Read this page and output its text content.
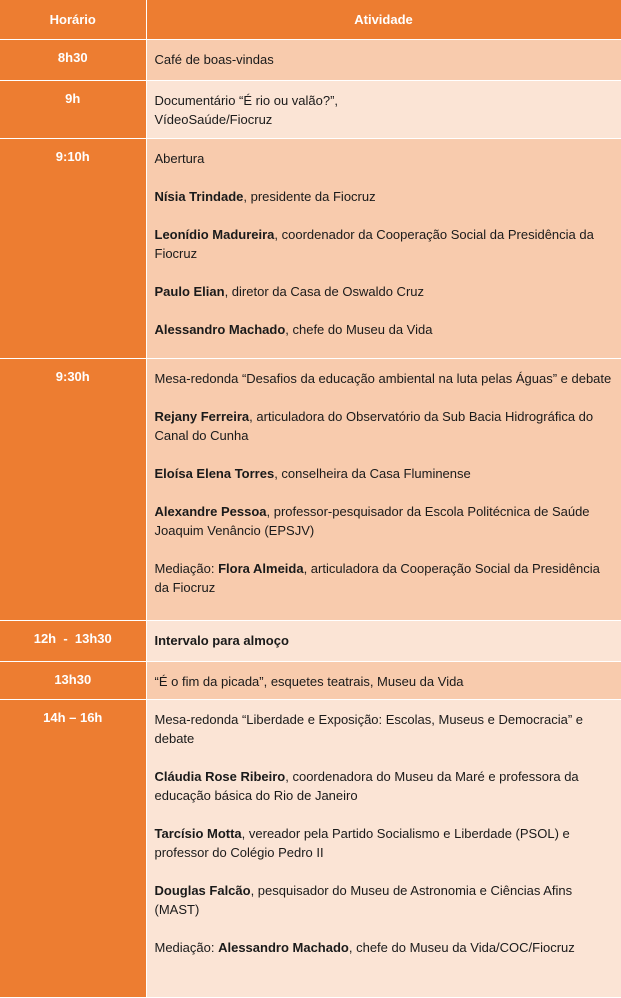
Horário	Atividade
8h30	Café de boas-vindas

9h	Documentário “É rio ou valão?”,
VídeoSaúde/Fiocruz

9:10h	Abertura

Nísia Trindade, presidente da Fiocruz

Leonídio Madureira, coordenador da Cooperação Social da Presidência da Fiocruz

Paulo Elian, diretor da Casa de Oswaldo Cruz

Alessandro Machado, chefe do Museu da Vida

9:30h	Mesa-redonda “Desafios da educação ambiental na luta pelas Águas” e debate

Rejany Ferreira, articuladora do Observatório da Sub Bacia Hidrográfica do Canal do Cunha

Eloísa Elena Torres, conselheira da Casa Fluminense

Alexandre Pessoa, professor-pesquisador da Escola Politécnica de Saúde Joaquim Venâncio (EPSJV)

Mediação: Flora Almeida, articuladora da Cooperação Social da Presidência da Fiocruz

12h  -  13h30	Intervalo para almoço

13h30	“É o fim da picada”, esquetes teatrais, Museu da Vida

14h – 16h	Mesa-redonda “Liberdade e Exposição: Escolas, Museus e Democracia” e debate

Cláudia Rose Ribeiro, coordenadora do Museu da Maré e professora da educação básica do Rio de Janeiro

Tarcísio Motta, vereador pela Partido Socialismo e Liberdade (PSOL) e professor do Colégio Pedro II

Douglas Falcão, pesquisador do Museu de Astronomia e Ciências Afins (MAST)

Mediação: Alessandro Machado, chefe do Museu da Vida/COC/Fiocruz
